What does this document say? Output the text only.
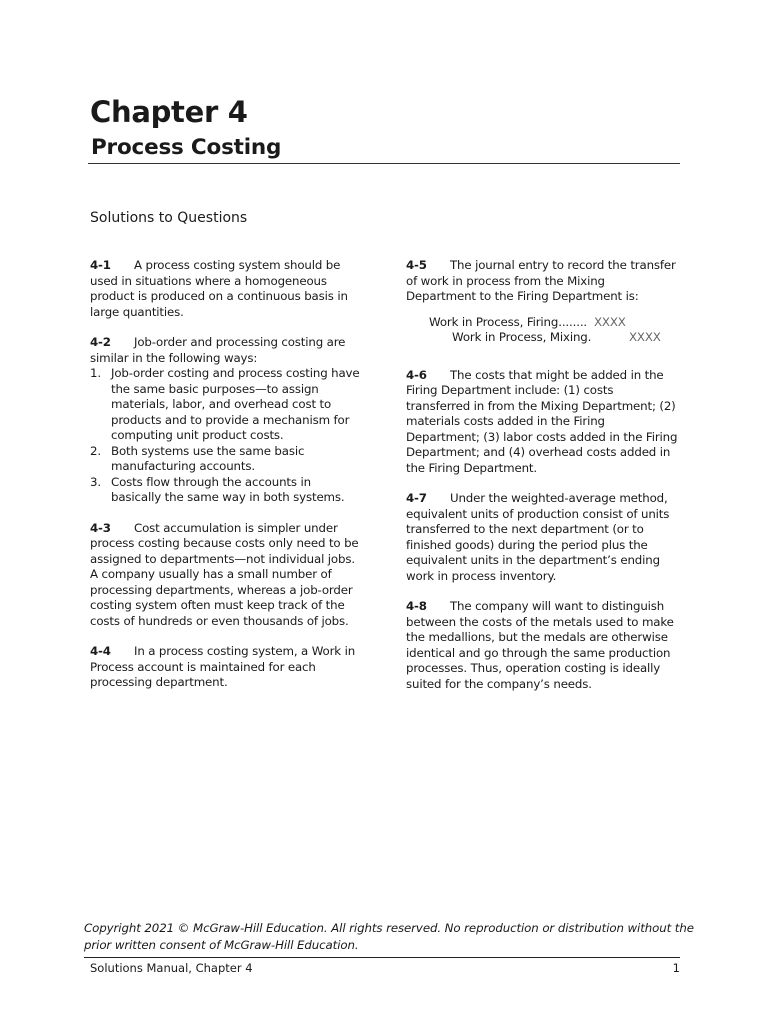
Chapter 4
Process Costing
Solutions to Questions

4-1 A process costing system should be used in situations where a homogeneous product is produced on a continuous basis in large quantities.

4-2 Job-order and processing costing are similar in the following ways:
1. Job-order costing and process costing have the same basic purposes—to assign materials, labor, and overhead cost to products and to provide a mechanism for computing unit product costs.
2. Both systems use the same basic manufacturing accounts.
3. Costs flow through the accounts in basically the same way in both systems.

4-3 Cost accumulation is simpler under process costing because costs only need to be assigned to departments—not individual jobs. A company usually has a small number of processing departments, whereas a job-order costing system often must keep track of the costs of hundreds or even thousands of jobs.

4-4 In a process costing system, a Work in Process account is maintained for each processing department.

4-5 The journal entry to record the transfer of work in process from the Mixing Department to the Firing Department is:

Work in Process, Firing........ XXXX
Work in Process, Mixing.	XXXX

4-6 The costs that might be added in the Firing Department include: (1) costs transferred in from the Mixing Department; (2) materials costs added in the Firing Department; (3) labor costs added in the Firing Department; and (4) overhead costs added in the Firing Department.

4-7 Under the weighted-average method, equivalent units of production consist of units transferred to the next department (or to finished goods) during the period plus the equivalent units in the department’s ending work in process inventory.

4-8 The company will want to distinguish between the costs of the metals used to make the medallions, but the medals are otherwise identical and go through the same production processes. Thus, operation costing is ideally suited for the company’s needs.

Copyright 2021 © McGraw-Hill Education. All rights reserved. No reproduction or distribution without the prior written consent of McGraw-Hill Education.

Solutions Manual, Chapter 4	1
